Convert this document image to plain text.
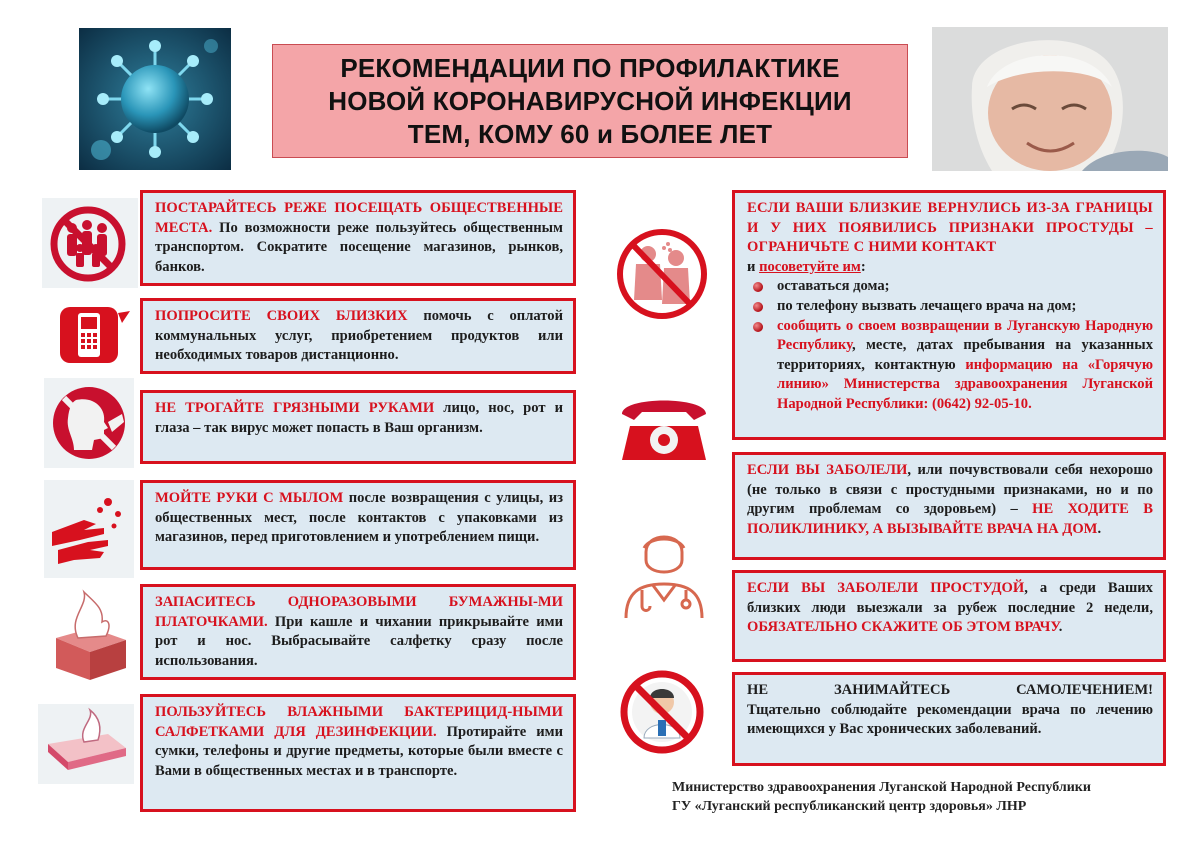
РЕКОМЕНДАЦИИ ПО ПРОФИЛАКТИКЕ
НОВОЙ КОРОНАВИРУСНОЙ ИНФЕКЦИИ
ТЕМ, КОМУ 60 и БОЛЕЕ ЛЕТ
ПОСТАРАЙТЕСЬ РЕЖЕ ПОСЕЩАТЬ ОБЩЕСТВЕННЫЕ МЕСТА. По возможности реже пользуйтесь общественным транспортом. Сократите посещение магазинов, рынков, банков.
ПОПРОСИТЕ СВОИХ БЛИЗКИХ помочь с оплатой коммунальных услуг, приобретением продуктов или необходимых товаров дистанционно.
НЕ ТРОГАЙТЕ ГРЯЗНЫМИ РУКАМИ лицо, нос, рот и глаза – так вирус может попасть в Ваш организм.
МОЙТЕ РУКИ С МЫЛОМ после возвращения с улицы, из общественных мест, после контактов с упаковками из магазинов, перед приготовлением и употреблением пищи.
ЗАПАСИТЕСЬ ОДНОРАЗОВЫМИ БУМАЖНЫ-МИ ПЛАТОЧКАМИ. При кашле и чихании прикрывайте ими рот и нос. Выбрасывайте салфетку сразу после использования.
ПОЛЬЗУЙТЕСЬ ВЛАЖНЫМИ БАКТЕРИЦИД-НЫМИ САЛФЕТКАМИ ДЛЯ ДЕЗИНФЕКЦИИ. Протирайте ими сумки, телефоны и другие предметы, которые были вместе с Вами в общественных местах и в транспорте.
ЕСЛИ ВАШИ БЛИЗКИЕ ВЕРНУЛИСЬ ИЗ-ЗА ГРАНИЦЫ И У НИХ ПОЯВИЛИСЬ ПРИЗНАКИ ПРОСТУДЫ – ОГРАНИЧЬТЕ С НИМИ КОНТАКТ
и посоветуйте им:
оставаться дома;
по телефону вызвать лечащего врача на дом;
сообщить о своем возвращении в Луганскую Народную Республику, месте, датах пребывания на указанных территориях, контактную информацию на «Горячую линию» Министерства здравоохранения Луганской Народной Республики: (0642) 92-05-10.
ЕСЛИ ВЫ ЗАБОЛЕЛИ, или почувствовали себя нехорошо (не только в связи с простудными признаками, но и по другим проблемам со здоровьем) – НЕ ХОДИТЕ В ПОЛИКЛИНИКУ, А ВЫЗЫВАЙТЕ ВРАЧА НА ДОМ.
ЕСЛИ ВЫ ЗАБОЛЕЛИ ПРОСТУДОЙ, а среди Ваших близких люди выезжали за рубеж последние 2 недели, ОБЯЗАТЕЛЬНО СКАЖИТЕ ОБ ЭТОМ ВРАЧУ.
НЕ ЗАНИМАЙТЕСЬ САМОЛЕЧЕНИЕМ!
Тщательно соблюдайте рекомендации врача по лечению имеющихся у Вас хронических заболеваний.
Министерство здравоохранения Луганской Народной Республики
ГУ «Луганский республиканский центр здоровья» ЛНР
